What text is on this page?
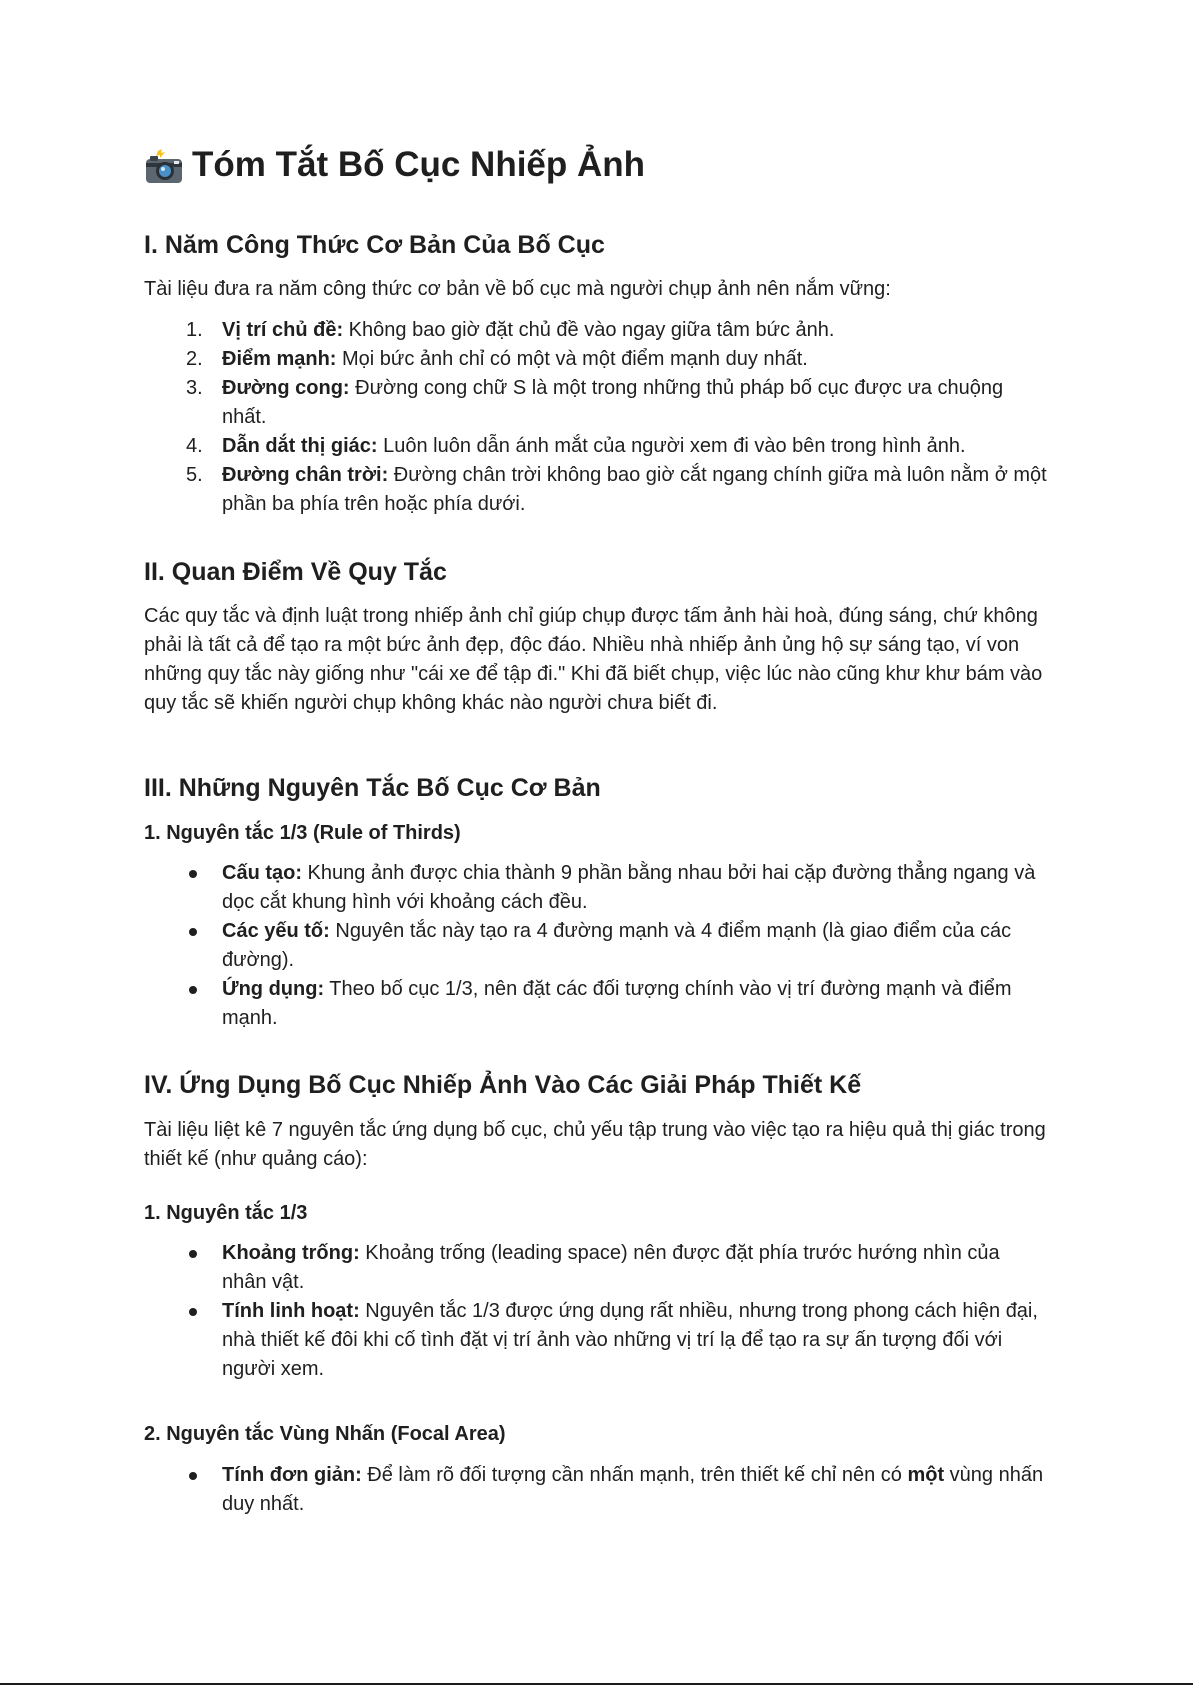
Tóm Tắt Bố Cục Nhiếp Ảnh
I. Năm Công Thức Cơ Bản Của Bố Cục

Tài liệu đưa ra năm công thức cơ bản về bố cục mà người chụp ảnh nên nắm vững:

1. Vị trí chủ đề: Không bao giờ đặt chủ đề vào ngay giữa tâm bức ảnh.
2. Điểm mạnh: Mọi bức ảnh chỉ có một và một điểm mạnh duy nhất.
3. Đường cong: Đường cong chữ S là một trong những thủ pháp bố cục được ưa chuộng nhất.
4. Dẫn dắt thị giác: Luôn luôn dẫn ánh mắt của người xem đi vào bên trong hình ảnh.
5. Đường chân trời: Đường chân trời không bao giờ cắt ngang chính giữa mà luôn nằm ở một phần ba phía trên hoặc phía dưới.
II. Quan Điểm Về Quy Tắc

Các quy tắc và định luật trong nhiếp ảnh chỉ giúp chụp được tấm ảnh hài hoà, đúng sáng, chứ không phải là tất cả để tạo ra một bức ảnh đẹp, độc đáo. Nhiều nhà nhiếp ảnh ủng hộ sự sáng tạo, ví von những quy tắc này giống như "cái xe để tập đi." Khi đã biết chụp, việc lúc nào cũng khư khư bám vào quy tắc sẽ khiến người chụp không khác nào người chưa biết đi.

III. Những Nguyên Tắc Bố Cục Cơ Bản
1. Nguyên tắc 1/3 (Rule of Thirds)
Cấu tạo: Khung ảnh được chia thành 9 phần bằng nhau bởi hai cặp đường thẳng ngang và dọc cắt khung hình với khoảng cách đều.
Các yếu tố: Nguyên tắc này tạo ra 4 đường mạnh và 4 điểm mạnh (là giao điểm của các đường).
Ứng dụng: Theo bố cục 1/3, nên đặt các đối tượng chính vào vị trí đường mạnh và điểm mạnh.
IV. Ứng Dụng Bố Cục Nhiếp Ảnh Vào Các Giải Pháp Thiết Kế

Tài liệu liệt kê 7 nguyên tắc ứng dụng bố cục, chủ yếu tập trung vào việc tạo ra hiệu quả thị giác trong thiết kế (như quảng cáo):

1. Nguyên tắc 1/3
Khoảng trống: Khoảng trống (leading space) nên được đặt phía trước hướng nhìn của nhân vật.
Tính linh hoạt: Nguyên tắc 1/3 được ứng dụng rất nhiều, nhưng trong phong cách hiện đại, nhà thiết kế đôi khi cố tình đặt vị trí ảnh vào những vị trí lạ để tạo ra sự ấn tượng đối với người xem.
2. Nguyên tắc Vùng Nhấn (Focal Area)
Tính đơn giản: Để làm rõ đối tượng cần nhấn mạnh, trên thiết kế chỉ nên có một vùng nhấn duy nhất.
